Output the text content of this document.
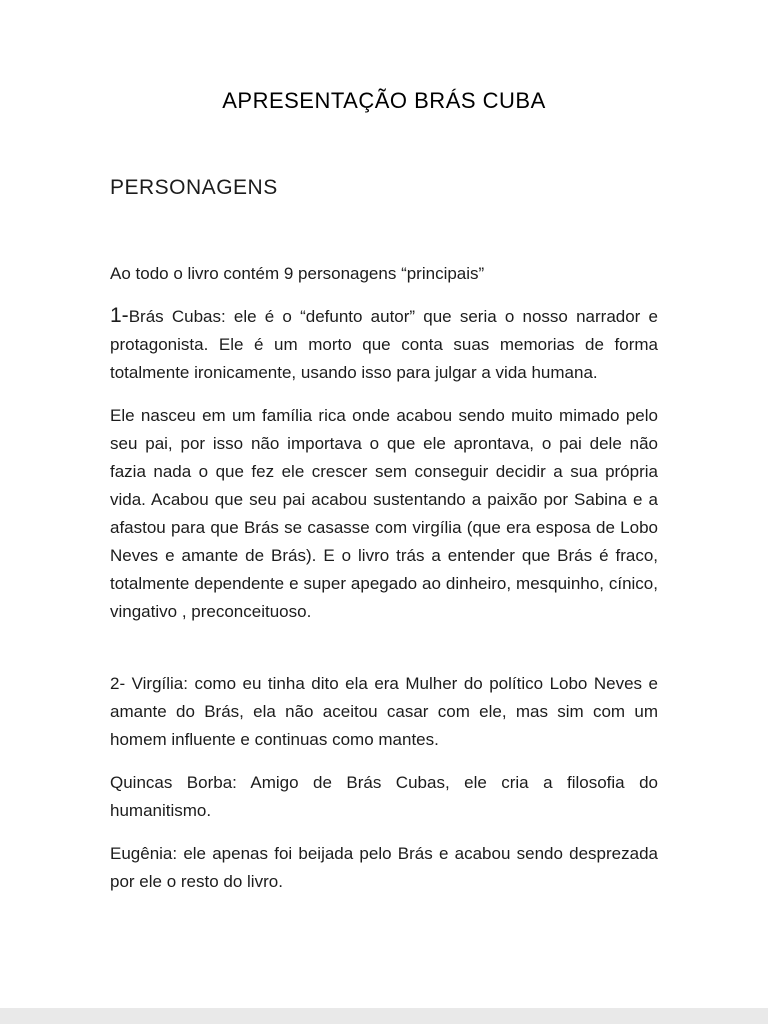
APRESENTAÇÃO BRÁS CUBA
PERSONAGENS

Ao todo o livro contém 9 personagens “principais”

1-Brás Cubas: ele é o “defunto autor” que seria o nosso narrador e protagonista. Ele é um morto que conta suas memorias de forma totalmente ironicamente, usando isso para julgar a vida humana.

Ele nasceu em um família rica onde acabou sendo muito mimado pelo seu pai, por isso não importava o que ele aprontava, o pai dele não fazia nada o que fez ele crescer sem conseguir decidir a sua própria vida. Acabou que seu pai acabou sustentando a paixão por Sabina e a afastou para que Brás se casasse com virgília (que era esposa de Lobo Neves e amante de Brás). E o livro trás a entender que Brás é fraco, totalmente dependente e super apegado ao dinheiro, mesquinho, cínico, vingativo , preconceituoso.

2- Virgília: como eu tinha dito ela era Mulher do político Lobo Neves e amante do Brás, ela não aceitou casar com ele, mas sim com um homem influente e continuas como mantes.

Quincas Borba: Amigo de Brás Cubas, ele cria a filosofia do humanitismo.

Eugênia: ele apenas foi beijada pelo Brás e acabou sendo desprezada por ele o resto do livro.
